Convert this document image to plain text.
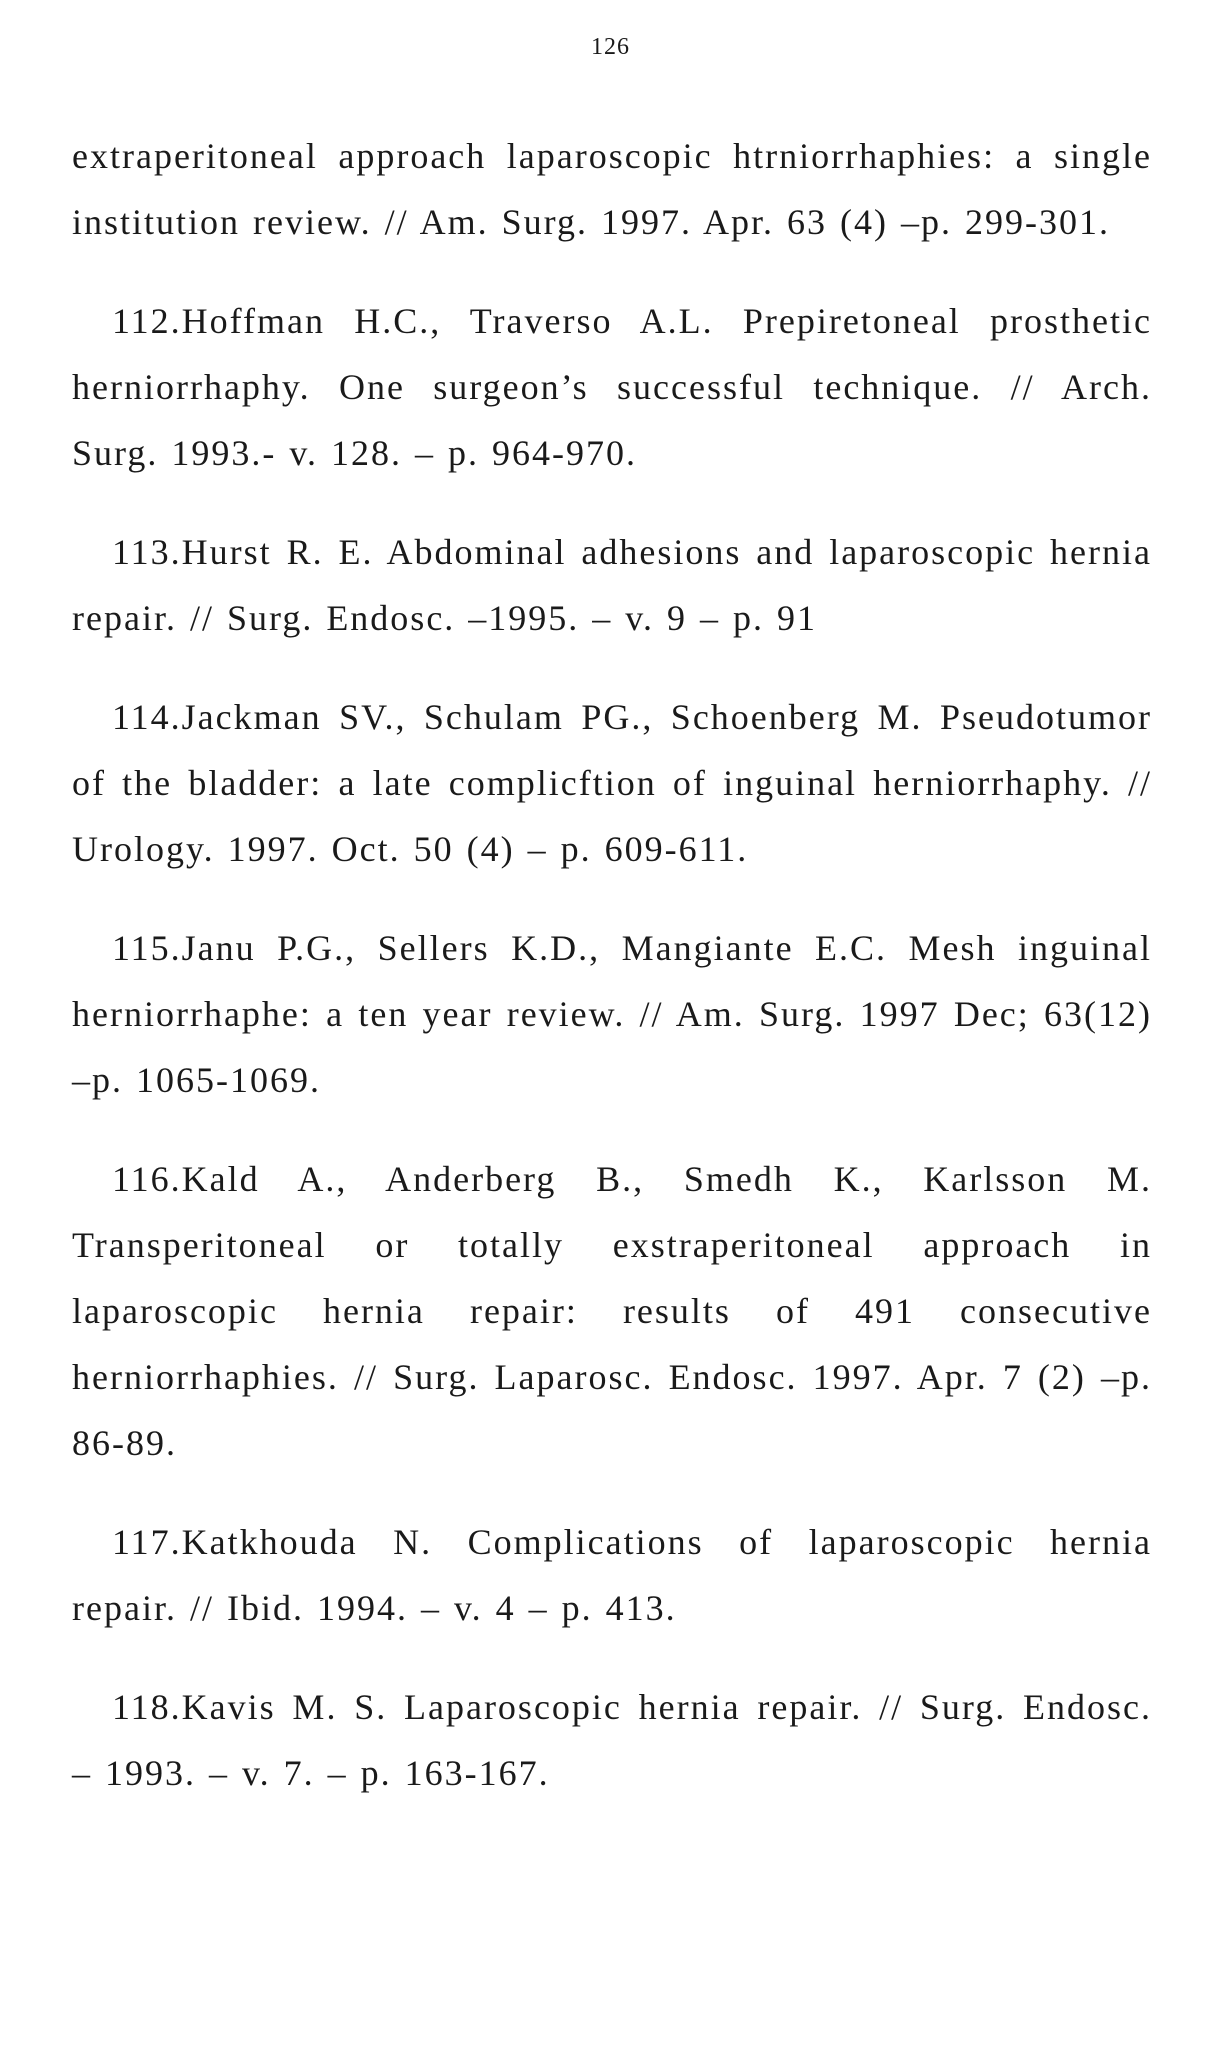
126

extraperitoneal approach laparoscopic htrniorrhaphies: a single institution review. // Am. Surg. 1997. Apr. 63 (4) –p. 299-301.

112.Hoffman H.C., Traverso A.L. Prepiretoneal prosthetic herniorrhaphy. One surgeon’s successful technique. // Arch. Surg. 1993.- v. 128. – p. 964-970.

113.Hurst R. E. Abdominal adhesions and laparoscopic hernia repair. // Surg. Endosc. –1995. – v. 9 – p. 91

114.Jackman SV., Schulam PG., Schoenberg M. Pseudotumor of the bladder: a late complicftion of inguinal herniorrhaphy. // Urology. 1997. Oct. 50 (4) – p. 609-611.

115.Janu P.G., Sellers K.D., Mangiante E.C. Mesh inguinal herniorrhaphe: a ten year review. // Am. Surg. 1997 Dec; 63(12) –p. 1065-1069.

116.Kald A., Anderberg B., Smedh K., Karlsson M. Transperitoneal or totally exstraperitoneal approach in laparoscopic hernia repair: results of 491 consecutive herniorrhaphies. // Surg. Laparosc. Endosc. 1997. Apr. 7 (2) –p. 86-89.

117.Katkhouda N. Complications of laparoscopic hernia repair. // Ibid. 1994. – v. 4 – p. 413.

118.Kavis M. S. Laparoscopic hernia repair. // Surg. Endosc. – 1993. – v. 7. – p. 163-167.
